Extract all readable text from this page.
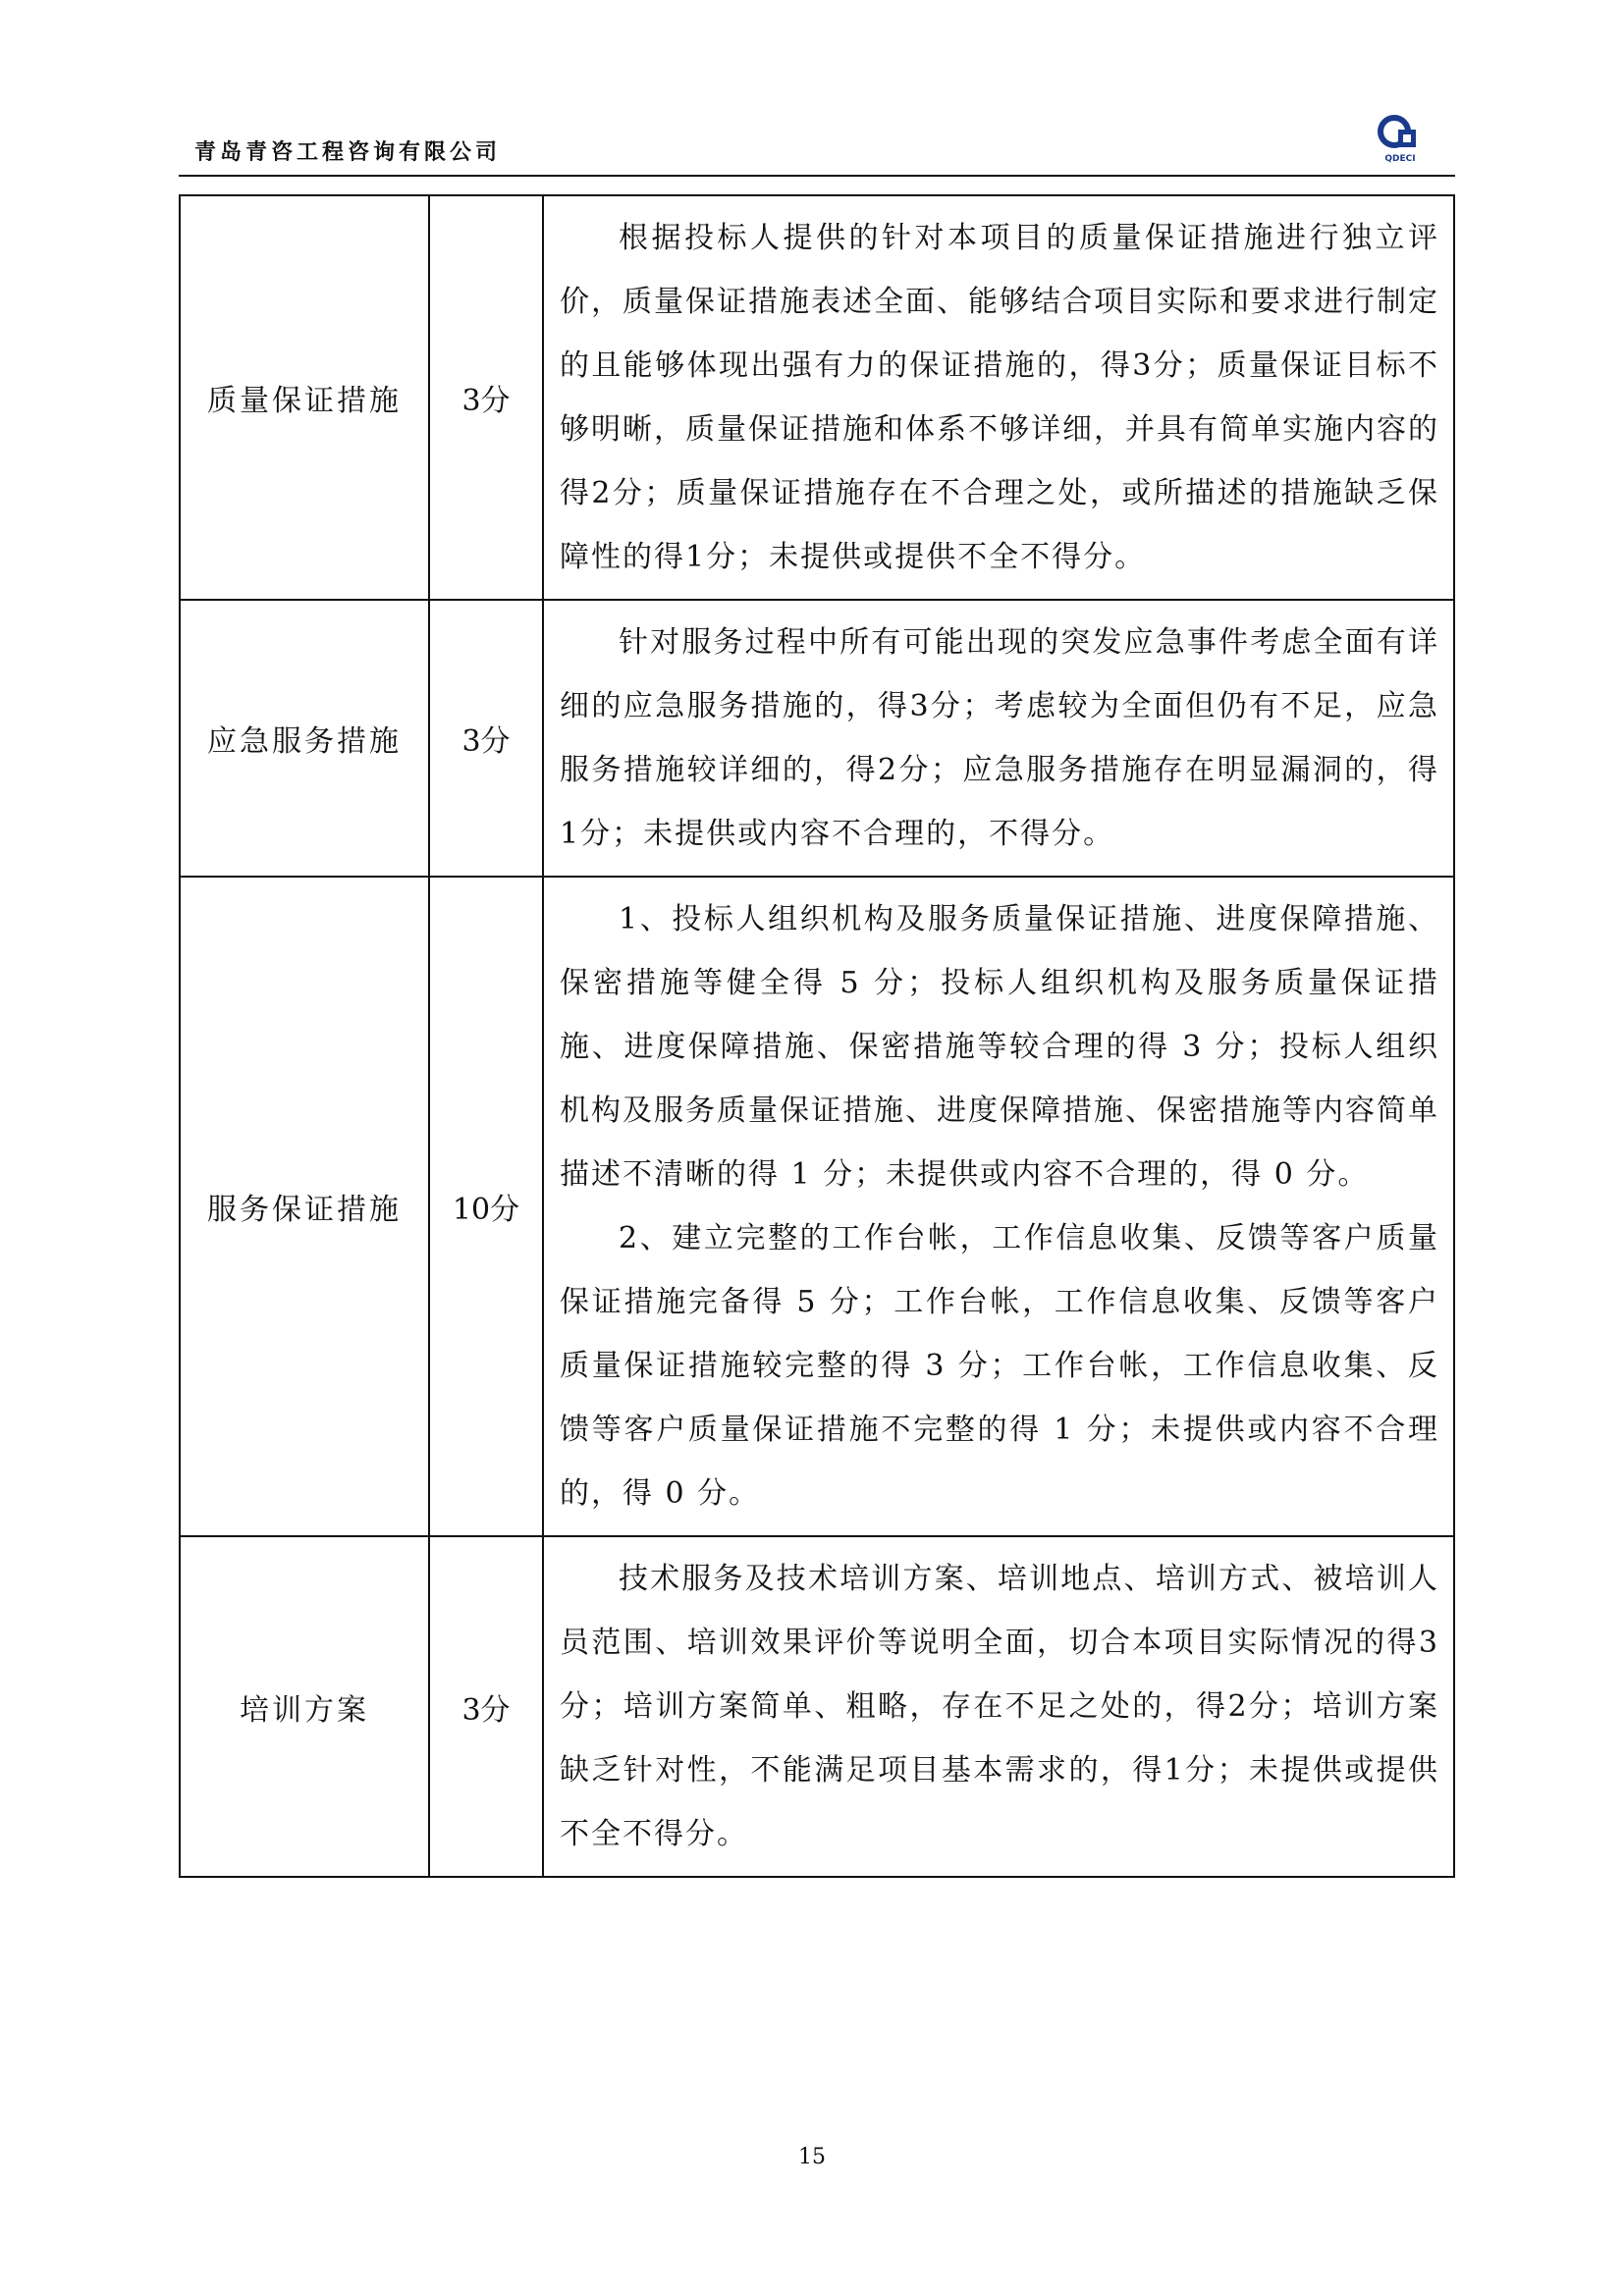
青岛青咨工程咨询有限公司	QDECI
质量保证措施	3分	根据投标人提供的针对本项目的质量保证措施进行独立评价，质量保证措施表述全面、能够结合项目实际和要求进行制定的且能够体现出强有力的保证措施的，得3分；质量保证目标不够明晰，质量保证措施和体系不够详细，并具有简单实施内容的得2分；质量保证措施存在不合理之处，或所描述的措施缺乏保障性的得1分；未提供或提供不全不得分。

应急服务措施	3分	针对服务过程中所有可能出现的突发应急事件考虑全面有详细的应急服务措施的，得3分；考虑较为全面但仍有不足，应急服务措施较详细的，得2分；应急服务措施存在明显漏洞的，得1分；未提供或内容不合理的，不得分。

服务保证措施	10分	1、投标人组织机构及服务质量保证措施、进度保障措施、保密措施等健全得 5 分；投标人组织机构及服务质量保证措施、进度保障措施、保密措施等较合理的得 3 分；投标人组织机构及服务质量保证措施、进度保障措施、保密措施等内容简单描述不清晰的得 1 分；未提供或内容不合理的，得 0 分。

2、建立完整的工作台帐，工作信息收集、反馈等客户质量保证措施完备得 5 分；工作台帐，工作信息收集、反馈等客户质量保证措施较完整的得 3 分；工作台帐，工作信息收集、反馈等客户质量保证措施不完整的得 1 分；未提供或内容不合理的，得 0 分。

培训方案	3分	技术服务及技术培训方案、培训地点、培训方式、被培训人员范围、培训效果评价等说明全面，切合本项目实际情况的得3分；培训方案简单、粗略，存在不足之处的，得2分；培训方案缺乏针对性，不能满足项目基本需求的，得1分；未提供或提供不全不得分。

15
